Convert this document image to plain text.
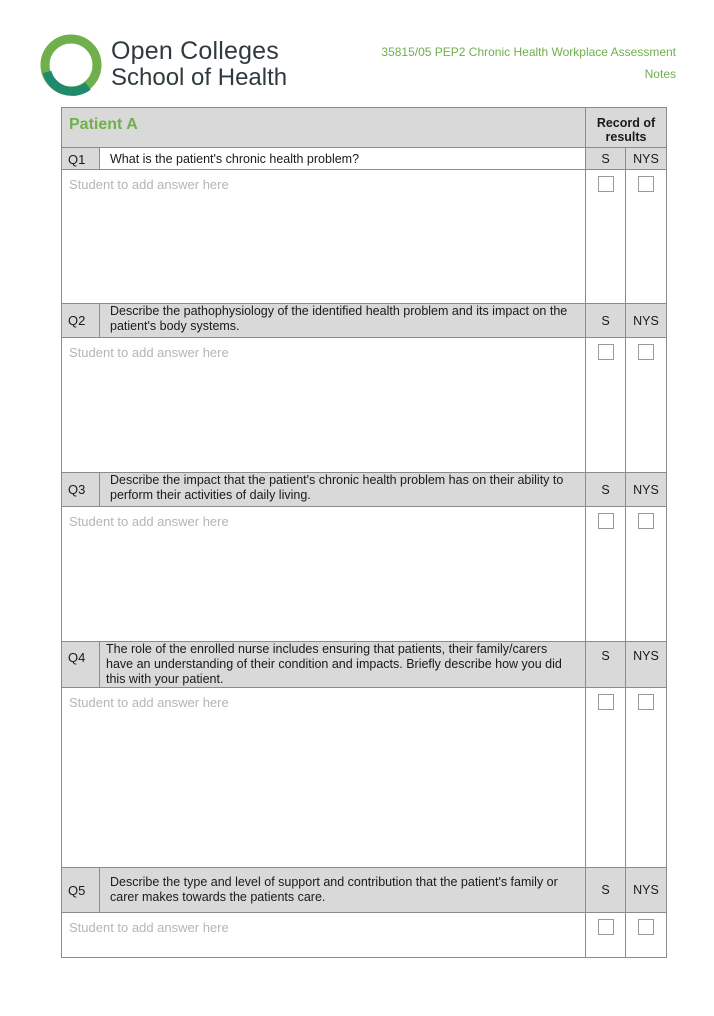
Open Colleges
School of Health
35815/05 PEP2 Chronic Health Workplace Assessment
Notes
Patient A		Record of results	
Q1	What is the patient's chronic health problem?	S	NYS
Student to add answer here			
Q2	Describe the pathophysiology of the identified health problem and its impact on the patient's body systems.	S	NYS
Student to add answer here			
Q3	Describe the impact that the patient's chronic health problem has on their ability to perform their activities of daily living.	S	NYS
Student to add answer here			
Q4	The role of the enrolled nurse includes ensuring that patients, their family/carers have an understanding of their condition and impacts. Briefly describe how you did this with your patient.	S	NYS
Student to add answer here			
Q5	Describe the type and level of support and contribution that the patient's family or carer makes towards the patients care.	S	NYS
Student to add answer here			
